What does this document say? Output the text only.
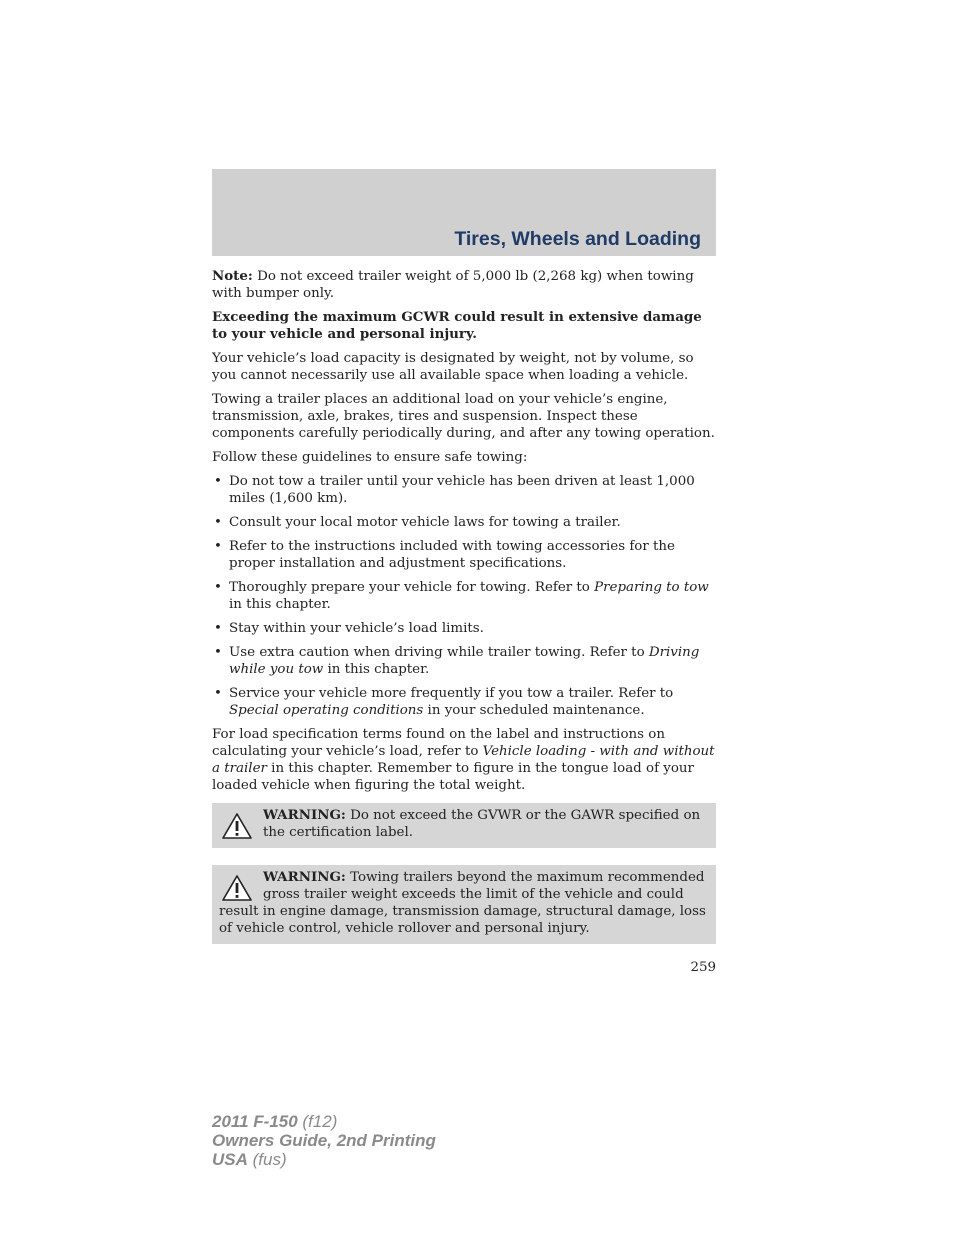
Tires, Wheels and Loading

Note: Do not exceed trailer weight of 5,000 lb (2,268 kg) when towing with bumper only.

Exceeding the maximum GCWR could result in extensive damage to your vehicle and personal injury.

Your vehicle’s load capacity is designated by weight, not by volume, so you cannot necessarily use all available space when loading a vehicle.

Towing a trailer places an additional load on your vehicle’s engine, transmission, axle, brakes, tires and suspension. Inspect these components carefully periodically during, and after any towing operation.

Follow these guidelines to ensure safe towing:

• Do not tow a trailer until your vehicle has been driven at least 1,000 miles (1,600 km).
• Consult your local motor vehicle laws for towing a trailer.
• Refer to the instructions included with towing accessories for the proper installation and adjustment specifications.
• Thoroughly prepare your vehicle for towing. Refer to Preparing to tow in this chapter.
• Stay within your vehicle’s load limits.
• Use extra caution when driving while trailer towing. Refer to Driving while you tow in this chapter.
• Service your vehicle more frequently if you tow a trailer. Refer to Special operating conditions in your scheduled maintenance.

For load specification terms found on the label and instructions on calculating your vehicle’s load, refer to Vehicle loading - with and without a trailer in this chapter. Remember to figure in the tongue load of your loaded vehicle when figuring the total weight.

WARNING: Do not exceed the GVWR or the GAWR specified on the certification label.
WARNING: Towing trailers beyond the maximum recommended gross trailer weight exceeds the limit of the vehicle and could result in engine damage, transmission damage, structural damage, loss of vehicle control, vehicle rollover and personal injury.
259
2011 F-150 (f12)
Owners Guide, 2nd Printing
USA (fus)
